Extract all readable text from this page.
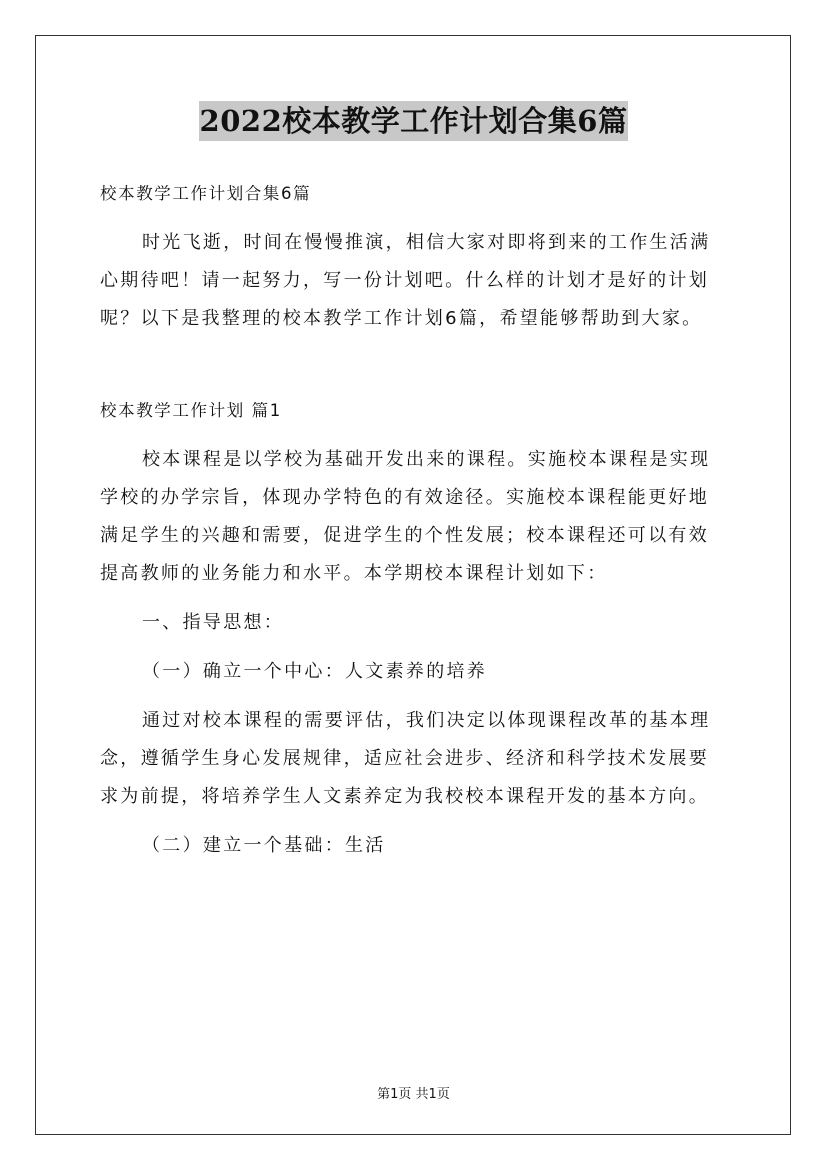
2022校本教学工作计划合集6篇

校本教学工作计划合集6篇

时光飞逝，时间在慢慢推演，相信大家对即将到来的工作生活满

心期待吧！请一起努力，写一份计划吧。什么样的计划才是好的计划

呢？以下是我整理的校本教学工作计划6篇，希望能够帮助到大家。

校本教学工作计划 篇1

校本课程是以学校为基础开发出来的课程。实施校本课程是实现

学校的办学宗旨，体现办学特色的有效途径。实施校本课程能更好地

满足学生的兴趣和需要，促进学生的个性发展；校本课程还可以有效

提高教师的业务能力和水平。本学期校本课程计划如下：

一、指导思想：

（一）确立一个中心：人文素养的培养

通过对校本课程的需要评估，我们决定以体现课程改革的基本理

念，遵循学生身心发展规律，适应社会进步、经济和科学技术发展要

求为前提，将培养学生人文素养定为我校校本课程开发的基本方向。

（二）建立一个基础：生活

第1页 共1页
